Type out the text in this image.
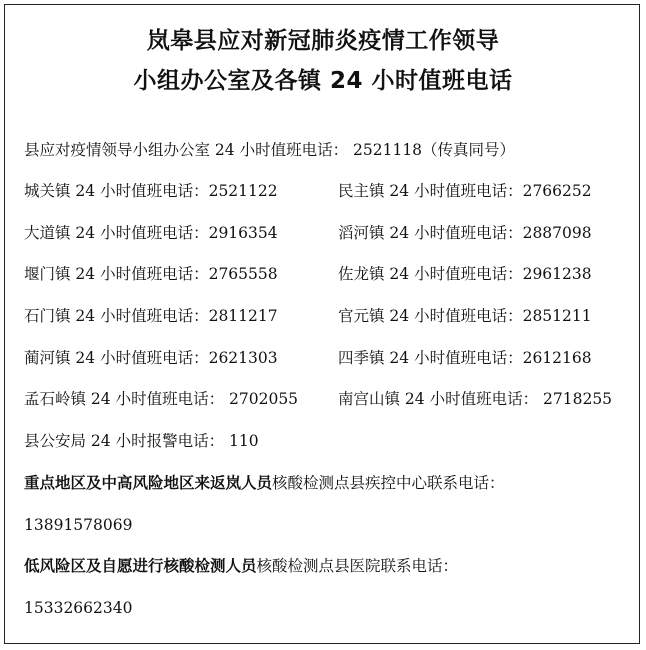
岚皋县应对新冠肺炎疫情工作领导
小组办公室及各镇 24 小时值班电话
县应对疫情领导小组办公室 24 小时值班电话： 2521118（传真同号）
城关镇 24 小时值班电话：2521122	民主镇 24 小时值班电话：2766252
大道镇 24 小时值班电话：2916354	滔河镇 24 小时值班电话：2887098
堰门镇 24 小时值班电话：2765558	佐龙镇 24 小时值班电话：2961238
石门镇 24 小时值班电话：2811217	官元镇 24 小时值班电话：2851211
蔺河镇 24 小时值班电话：2621303	四季镇 24 小时值班电话：2612168
孟石岭镇 24 小时值班电话： 2702055	南宫山镇 24 小时值班电话： 2718255
县公安局 24 小时报警电话： 110
重点地区及中高风险地区来返岚人员核酸检测点县疾控中心联系电话：
13891578069
低风险区及自愿进行核酸检测人员核酸检测点县医院联系电话：
15332662340
